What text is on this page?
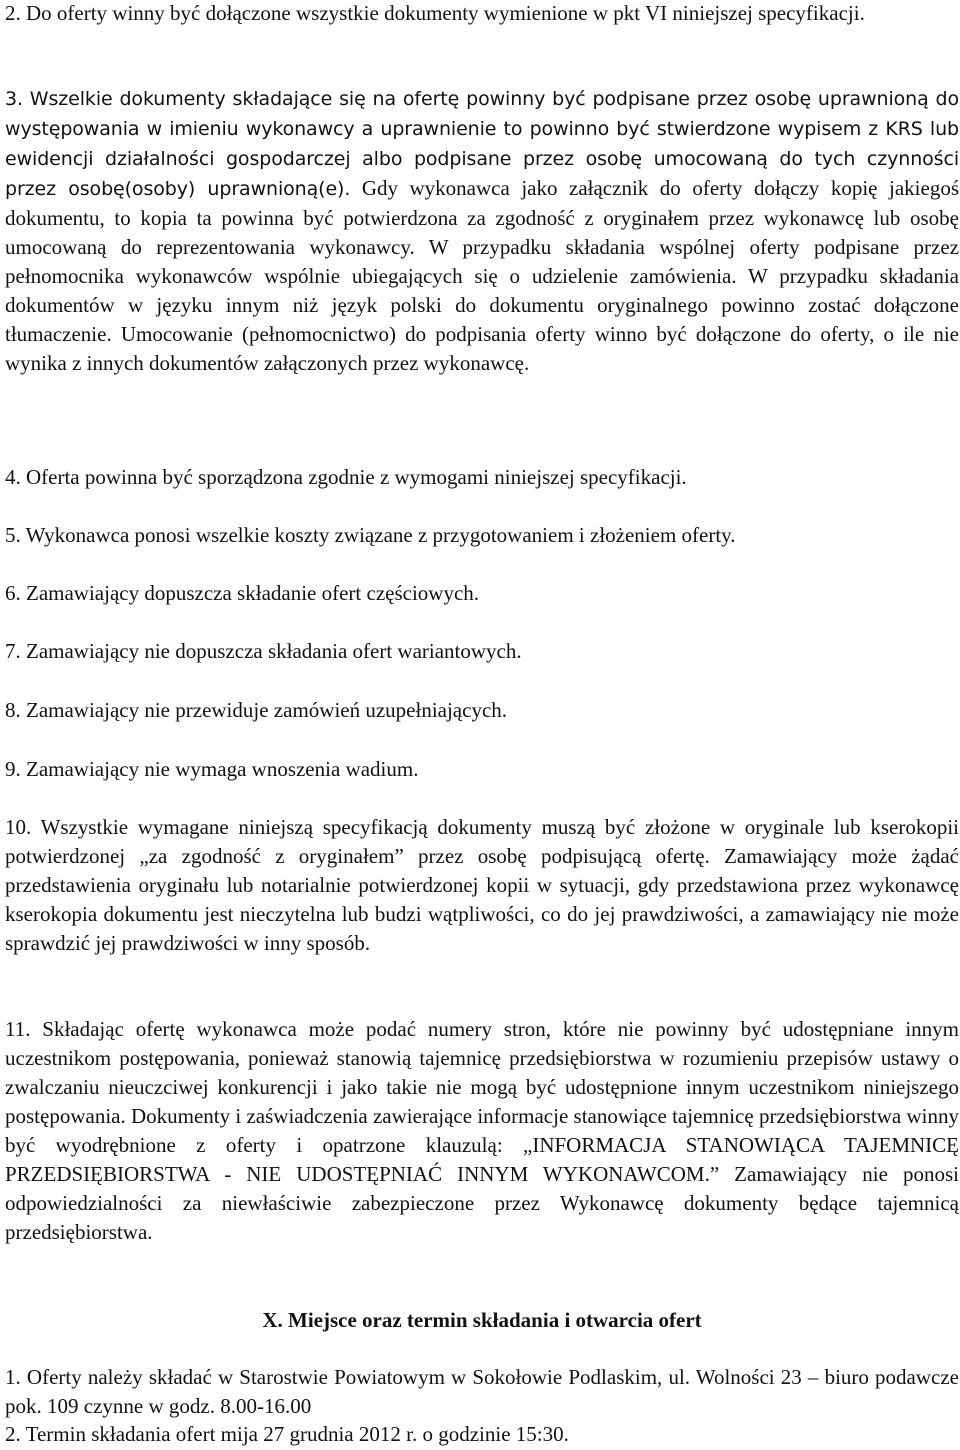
2. Do oferty winny być dołączone wszystkie dokumenty wymienione w pkt VI niniejszej specyfikacji.

3. Wszelkie dokumenty składające się na ofertę powinny być podpisane przez osobę uprawnioną do występowania w imieniu wykonawcy a uprawnienie to powinno być stwierdzone wypisem z KRS lub ewidencji działalności gospodarczej albo podpisane przez osobę umocowaną do tych czynności przez osobę(osoby) uprawnioną(e). Gdy wykonawca jako załącznik do oferty dołączy kopię jakiegoś dokumentu, to kopia ta powinna być potwierdzona za zgodność z oryginałem przez wykonawcę lub osobę umocowaną do reprezentowania wykonawcy. W przypadku składania wspólnej oferty podpisane przez pełnomocnika wykonawców wspólnie ubiegających się o udzielenie zamówienia. W przypadku składania dokumentów w języku innym niż język polski do dokumentu oryginalnego powinno zostać dołączone tłumaczenie. Umocowanie (pełnomocnictwo) do podpisania oferty winno być dołączone do oferty, o ile nie wynika z innych dokumentów załączonych przez wykonawcę.

4. Oferta powinna być sporządzona zgodnie z wymogami niniejszej specyfikacji.

5. Wykonawca ponosi wszelkie koszty związane z przygotowaniem i złożeniem oferty.

6. Zamawiający dopuszcza składanie ofert częściowych.

7. Zamawiający nie dopuszcza składania ofert wariantowych.

8. Zamawiający nie przewiduje zamówień uzupełniających.

9. Zamawiający nie wymaga wnoszenia wadium.

10. Wszystkie wymagane niniejszą specyfikacją dokumenty muszą być złożone w oryginale lub kserokopii potwierdzonej „za zgodność z oryginałem” przez osobę podpisującą ofertę. Zamawiający może żądać przedstawienia oryginału lub notarialnie potwierdzonej kopii w sytuacji, gdy przedstawiona przez wykonawcę kserokopia dokumentu jest nieczytelna lub budzi wątpliwości, co do jej prawdziwości, a zamawiający nie może sprawdzić jej prawdziwości w inny sposób.

11. Składając ofertę wykonawca może podać numery stron, które nie powinny być udostępniane innym uczestnikom postępowania, ponieważ stanowią tajemnicę przedsiębiorstwa w rozumieniu przepisów ustawy o zwalczaniu nieuczciwej konkurencji i jako takie nie mogą być udostępnione innym uczestnikom niniejszego postępowania. Dokumenty i zaświadczenia zawierające informacje stanowiące tajemnicę przedsiębiorstwa winny być wyodrębnione z oferty i opatrzone klauzulą: „INFORMACJA STANOWIĄCA TAJEMNICĘ PRZEDSIĘBIORSTWA - NIE UDOSTĘPNIAĆ INNYM WYKONAWCOM.” Zamawiający nie ponosi odpowiedzialności za niewłaściwie zabezpieczone przez Wykonawcę dokumenty będące tajemnicą przedsiębiorstwa.

X. Miejsce oraz termin składania i otwarcia ofert

1. Oferty należy składać w Starostwie Powiatowym w Sokołowie Podlaskim, ul. Wolności 23 – biuro podawcze pok. 109 czynne w godz. 8.00-16.00

2. Termin składania ofert mija 27 grudnia 2012 r. o godzinie 15:30.
